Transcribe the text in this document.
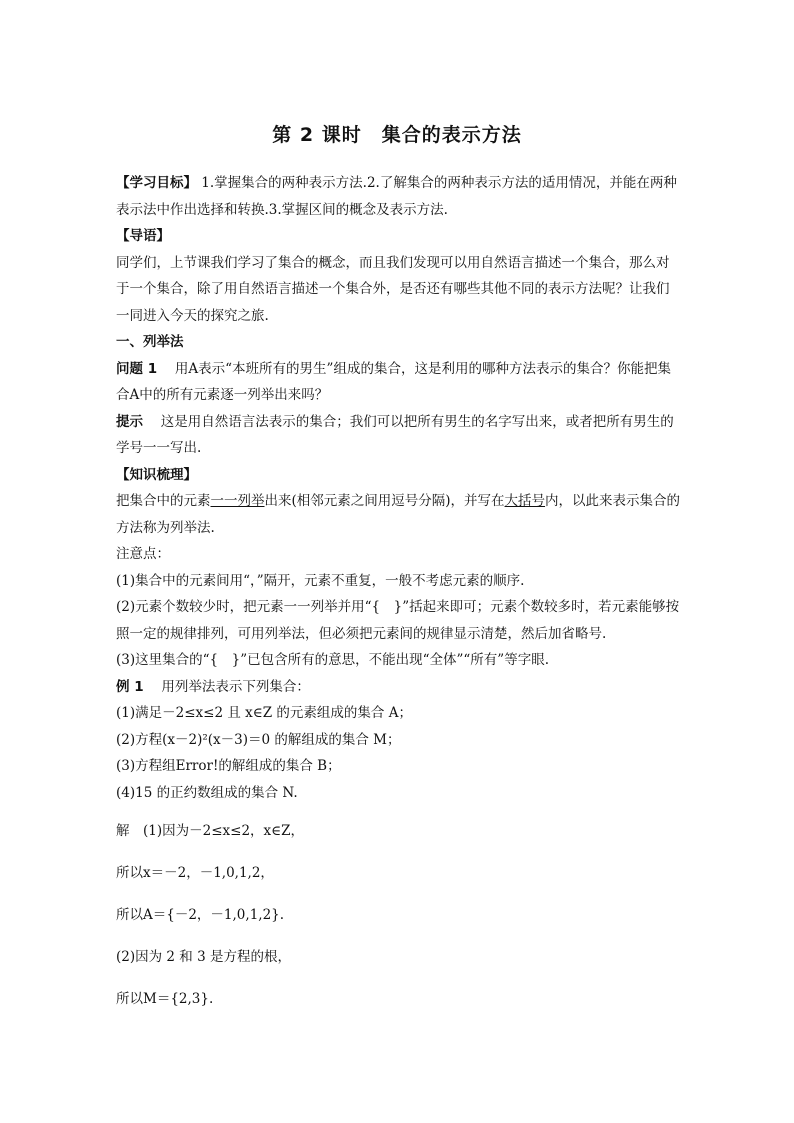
第 2 课时　集合的表示方法

【学习目标】 1.掌握集合的两种表示方法.2.了解集合的两种表示方法的适用情况，并能在两种表示法中作出选择和转换.3.掌握区间的概念及表示方法.

【导语】

同学们，上节课我们学习了集合的概念，而且我们发现可以用自然语言描述一个集合，那么对于一个集合，除了用自然语言描述一个集合外，是否还有哪些其他不同的表示方法呢？让我们一同进入今天的探究之旅.

一、列举法

问题 1 　用A表示“本班所有的男生”组成的集合，这是利用的哪种方法表示的集合？你能把集合A中的所有元素逐一列举出来吗？

提示 　这是用自然语言法表示的集合；我们可以把所有男生的名字写出来，或者把所有男生的学号一一写出.

【知识梳理】

把集合中的元素一一列举出来(相邻元素之间用逗号分隔)，并写在大括号内，以此来表示集合的方法称为列举法.

注意点：

(1)集合中的元素间用“，”隔开，元素不重复，一般不考虑元素的顺序.

(2)元素个数较少时，把元素一一列举并用“{　}”括起来即可；元素个数较多时，若元素能够按照一定的规律排列，可用列举法，但必须把元素间的规律显示清楚，然后加省略号.

(3)这里集合的“{　}”已包含所有的意思，不能出现“全体”“所有”等字眼.

例 1 　用列举法表示下列集合：

(1)满足－2≤x≤2 且 x∈Z 的元素组成的集合 A；

(2)方程(x－2)²(x－3)＝0 的解组成的集合 M；

(3)方程组Error!的解组成的集合 B；

(4)15 的正约数组成的集合 N.

解　(1)因为－2≤x≤2，x∈Z，

所以x＝－2，－1,0,1,2，

所以A＝{－2，－1,0,1,2}.

(2)因为 2 和 3 是方程的根，

所以M＝{2,3}.
